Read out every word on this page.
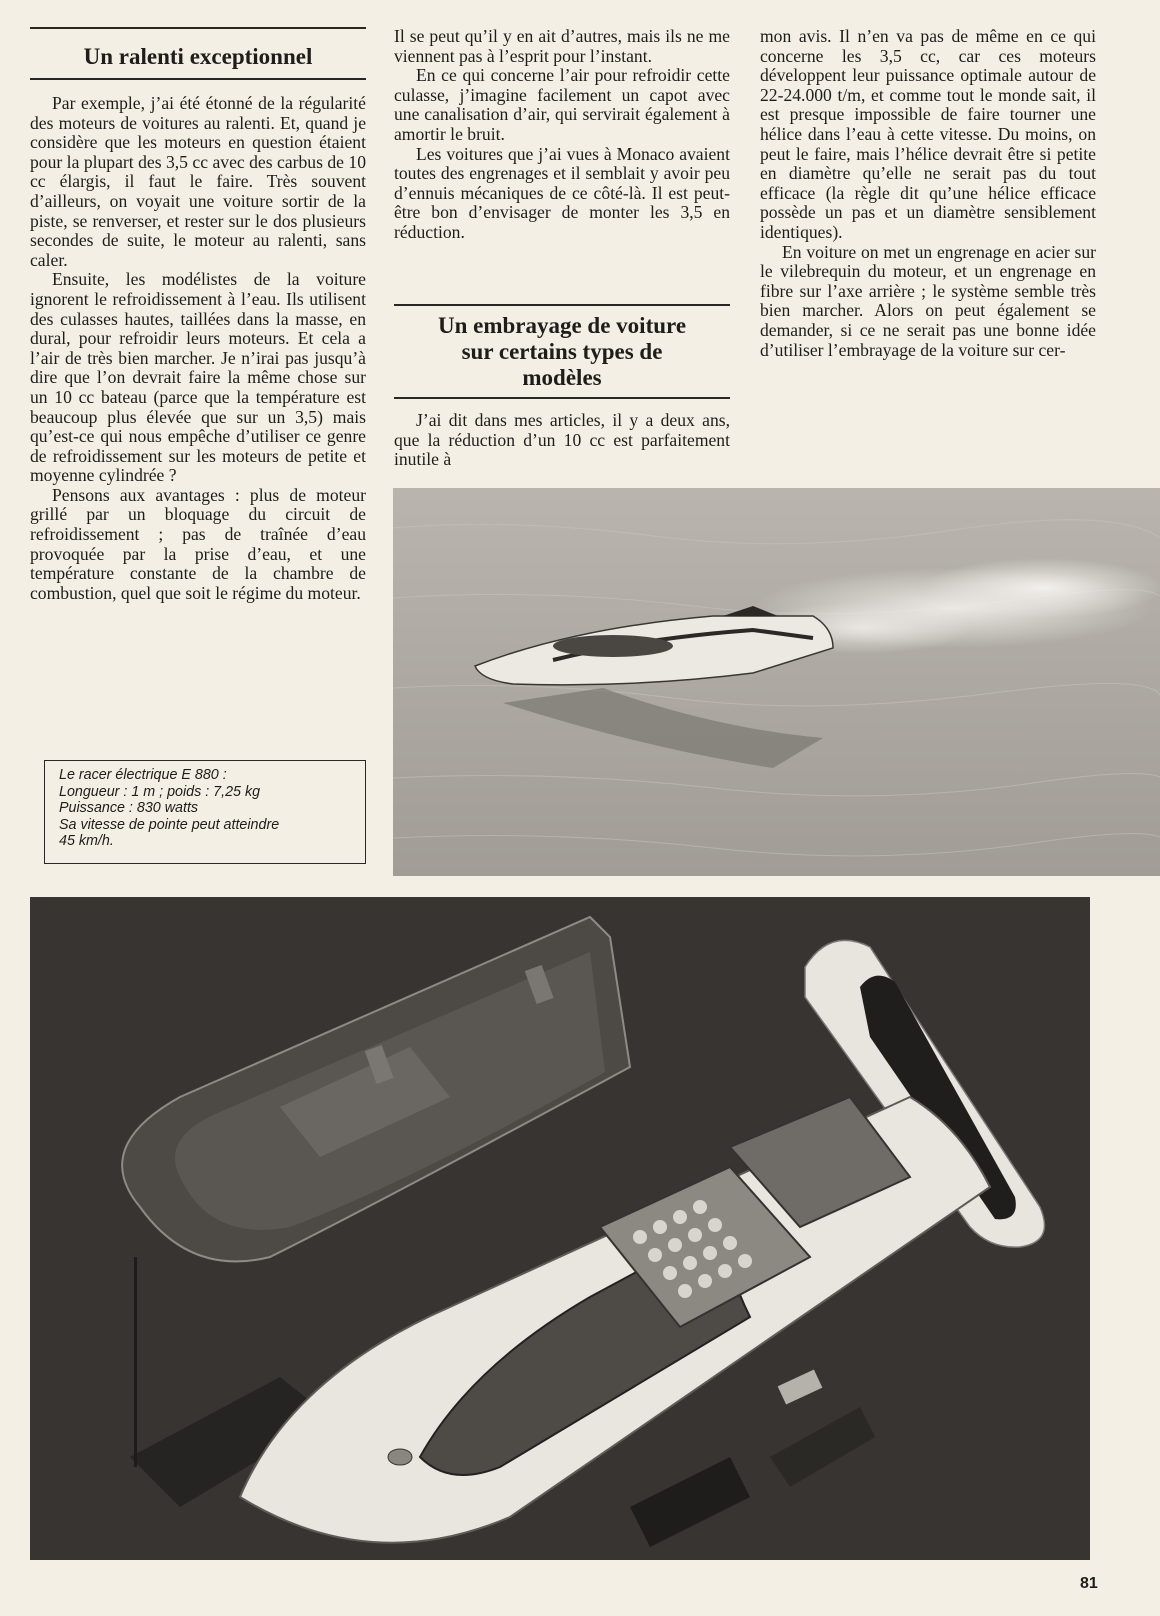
Un ralenti exceptionnel

Par exemple, j’ai été étonné de la régularité des moteurs de voitures au ralenti. Et, quand je considère que les moteurs en question étaient pour la plupart des 3,5 cc avec des carbus de 10 cc élargis, il faut le faire. Très souvent d’ailleurs, on voyait une voiture sortir de la piste, se renverser, et rester sur le dos plusieurs secondes de suite, le moteur au ralenti, sans caler.

Ensuite, les modélistes de la voiture ignorent le refroidissement à l’eau. Ils utilisent des culasses hautes, taillées dans la masse, en dural, pour refroidir leurs moteurs. Et cela a l’air de très bien marcher. Je n’irai pas jusqu’à dire que l’on devrait faire la même chose sur un 10 cc bateau (parce que la température est beaucoup plus élevée que sur un 3,5) mais qu’est-ce qui nous empêche d’utiliser ce genre de refroidissement sur les moteurs de petite et moyenne cylindrée ?

Pensons aux avantages : plus de moteur grillé par un bloquage du circuit de refroidissement ; pas de traînée d’eau provoquée par la prise d’eau, et une température constante de la chambre de combustion, quel que soit le régime du moteur.

Il se peut qu’il y en ait d’autres, mais ils ne me viennent pas à l’esprit pour l’instant.

En ce qui concerne l’air pour refroidir cette culasse, j’imagine facilement un capot avec une canalisation d’air, qui servirait également à amortir le bruit.

Les voitures que j’ai vues à Monaco avaient toutes des engrenages et il semblait y avoir peu d’ennuis mécaniques de ce côté-là. Il est peut-être bon d’envisager de monter les 3,5 en réduction.

Un embrayage de voiture sur certains types de modèles

J’ai dit dans mes articles, il y a deux ans, que la réduction d’un 10 cc est parfaitement inutile à

mon avis. Il n’en va pas de même en ce qui concerne les 3,5 cc, car ces moteurs développent leur puissance optimale autour de 22-24.000 t/m, et comme tout le monde sait, il est presque impossible de faire tourner une hélice dans l’eau à cette vitesse. Du moins, on peut le faire, mais l’hélice devrait être si petite en diamètre qu’elle ne serait pas du tout efficace (la règle dit qu’une hélice efficace possède un pas et un diamètre sensiblement identiques).

En voiture on met un engrenage en acier sur le vilebrequin du moteur, et un engrenage en fibre sur l’axe arrière ; le système semble très bien marcher. Alors on peut également se demander, si ce ne serait pas une bonne idée d’utiliser l’embrayage de la voiture sur cer-

Le racer électrique E 880 :
Longueur : 1 m ; poids : 7,25 kg
Puissance : 830 watts
Sa vitesse de pointe peut atteindre
45 km/h.
81
